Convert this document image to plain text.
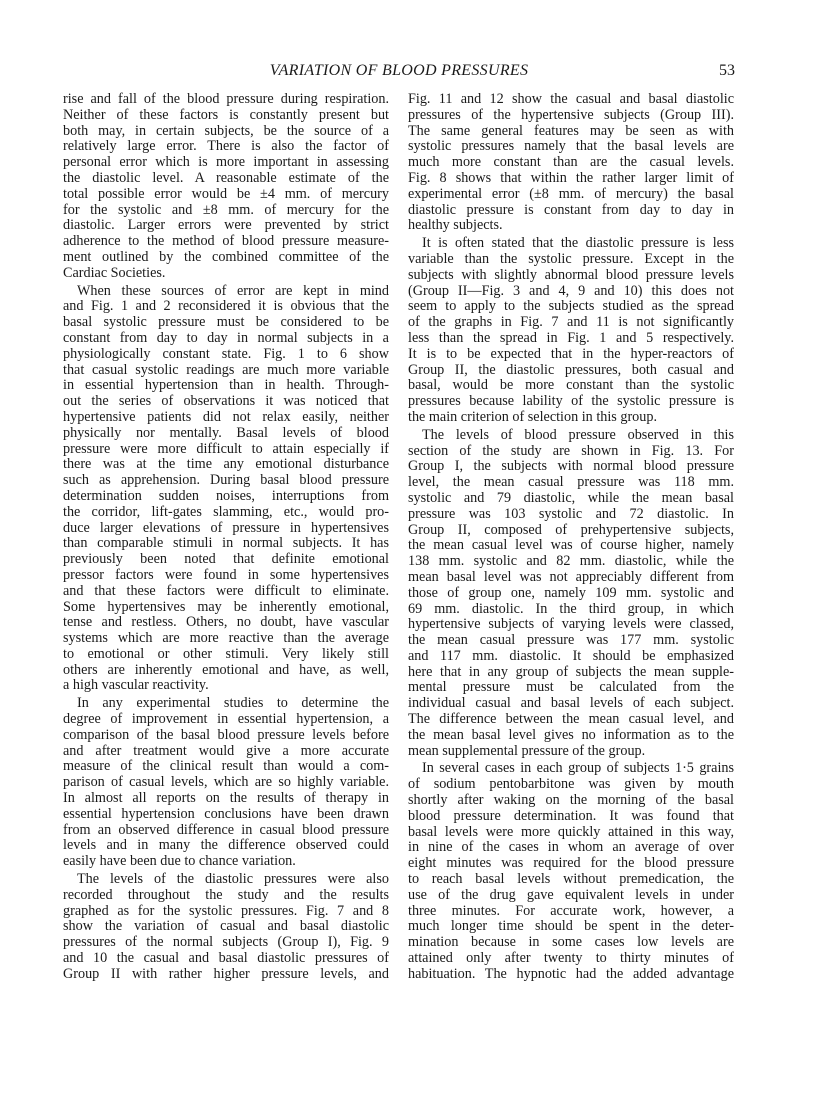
VARIATION OF BLOOD PRESSURES	53
rise and fall of the blood pressure during respiration.
Neither of these factors is constantly present but
both may, in certain subjects, be the source of a
relatively large error. There is also the factor of
personal error which is more important in assessing
the diastolic level. A reasonable estimate of the
total possible error would be ±4 mm. of mercury
for the systolic and ±8 mm. of mercury for the
diastolic. Larger errors were prevented by strict
adherence to the method of blood pressure measure-
ment outlined by the combined committee of the
Cardiac Societies.
When these sources of error are kept in mind
and Fig. 1 and 2 reconsidered it is obvious that the
basal systolic pressure must be considered to be
constant from day to day in normal subjects in a
physiologically constant state. Fig. 1 to 6 show
that casual systolic readings are much more variable
in essential hypertension than in health. Through-
out the series of observations it was noticed that
hypertensive patients did not relax easily, neither
physically nor mentally. Basal levels of blood
pressure were more difficult to attain especially if
there was at the time any emotional disturbance
such as apprehension. During basal blood pressure
determination sudden noises, interruptions from
the corridor, lift-gates slamming, etc., would pro-
duce larger elevations of pressure in hypertensives
than comparable stimuli in normal subjects. It has
previously been noted that definite emotional
pressor factors were found in some hypertensives
and that these factors were difficult to eliminate.
Some hypertensives may be inherently emotional,
tense and restless. Others, no doubt, have vascular
systems which are more reactive than the average
to emotional or other stimuli. Very likely still
others are inherently emotional and have, as well,
a high vascular reactivity.
In any experimental studies to determine the
degree of improvement in essential hypertension, a
comparison of the basal blood pressure levels before
and after treatment would give a more accurate
measure of the clinical result than would a com-
parison of casual levels, which are so highly variable.
In almost all reports on the results of therapy in
essential hypertension conclusions have been drawn
from an observed difference in casual blood pressure
levels and in many the difference observed could
easily have been due to chance variation.
The levels of the diastolic pressures were also
recorded throughout the study and the results
graphed as for the systolic pressures. Fig. 7 and 8
show the variation of casual and basal diastolic
pressures of the normal subjects (Group I), Fig. 9
and 10 the casual and basal diastolic pressures of
Group II with rather higher pressure levels, and
Fig. 11 and 12 show the casual and basal diastolic
pressures of the hypertensive subjects (Group III).
The same general features may be seen as with
systolic pressures namely that the basal levels are
much more constant than are the casual levels.
Fig. 8 shows that within the rather larger limit of
experimental error (±8 mm. of mercury) the basal
diastolic pressure is constant from day to day in
healthy subjects.
It is often stated that the diastolic pressure is less
variable than the systolic pressure. Except in the
subjects with slightly abnormal blood pressure levels
(Group II—Fig. 3 and 4, 9 and 10) this does not
seem to apply to the subjects studied as the spread
of the graphs in Fig. 7 and 11 is not significantly
less than the spread in Fig. 1 and 5 respectively.
It is to be expected that in the hyper-reactors of
Group II, the diastolic pressures, both casual and
basal, would be more constant than the systolic
pressures because lability of the systolic pressure is
the main criterion of selection in this group.
The levels of blood pressure observed in this
section of the study are shown in Fig. 13. For
Group I, the subjects with normal blood pressure
level, the mean casual pressure was 118 mm.
systolic and 79 diastolic, while the mean basal
pressure was 103 systolic and 72 diastolic. In
Group II, composed of prehypertensive subjects,
the mean casual level was of course higher, namely
138 mm. systolic and 82 mm. diastolic, while the
mean basal level was not appreciably different from
those of group one, namely 109 mm. systolic and
69 mm. diastolic. In the third group, in which
hypertensive subjects of varying levels were classed,
the mean casual pressure was 177 mm. systolic
and 117 mm. diastolic. It should be emphasized
here that in any group of subjects the mean supple-
mental pressure must be calculated from the
individual casual and basal levels of each subject.
The difference between the mean casual level, and
the mean basal level gives no information as to the
mean supplemental pressure of the group.
In several cases in each group of subjects 1·5 grains
of sodium pentobarbitone was given by mouth
shortly after waking on the morning of the basal
blood pressure determination. It was found that
basal levels were more quickly attained in this way,
in nine of the cases in whom an average of over
eight minutes was required for the blood pressure
to reach basal levels without premedication, the
use of the drug gave equivalent levels in under
three minutes. For accurate work, however, a
much longer time should be spent in the deter-
mination because in some cases low levels are
attained only after twenty to thirty minutes of
habituation. The hypnotic had the added advantage
